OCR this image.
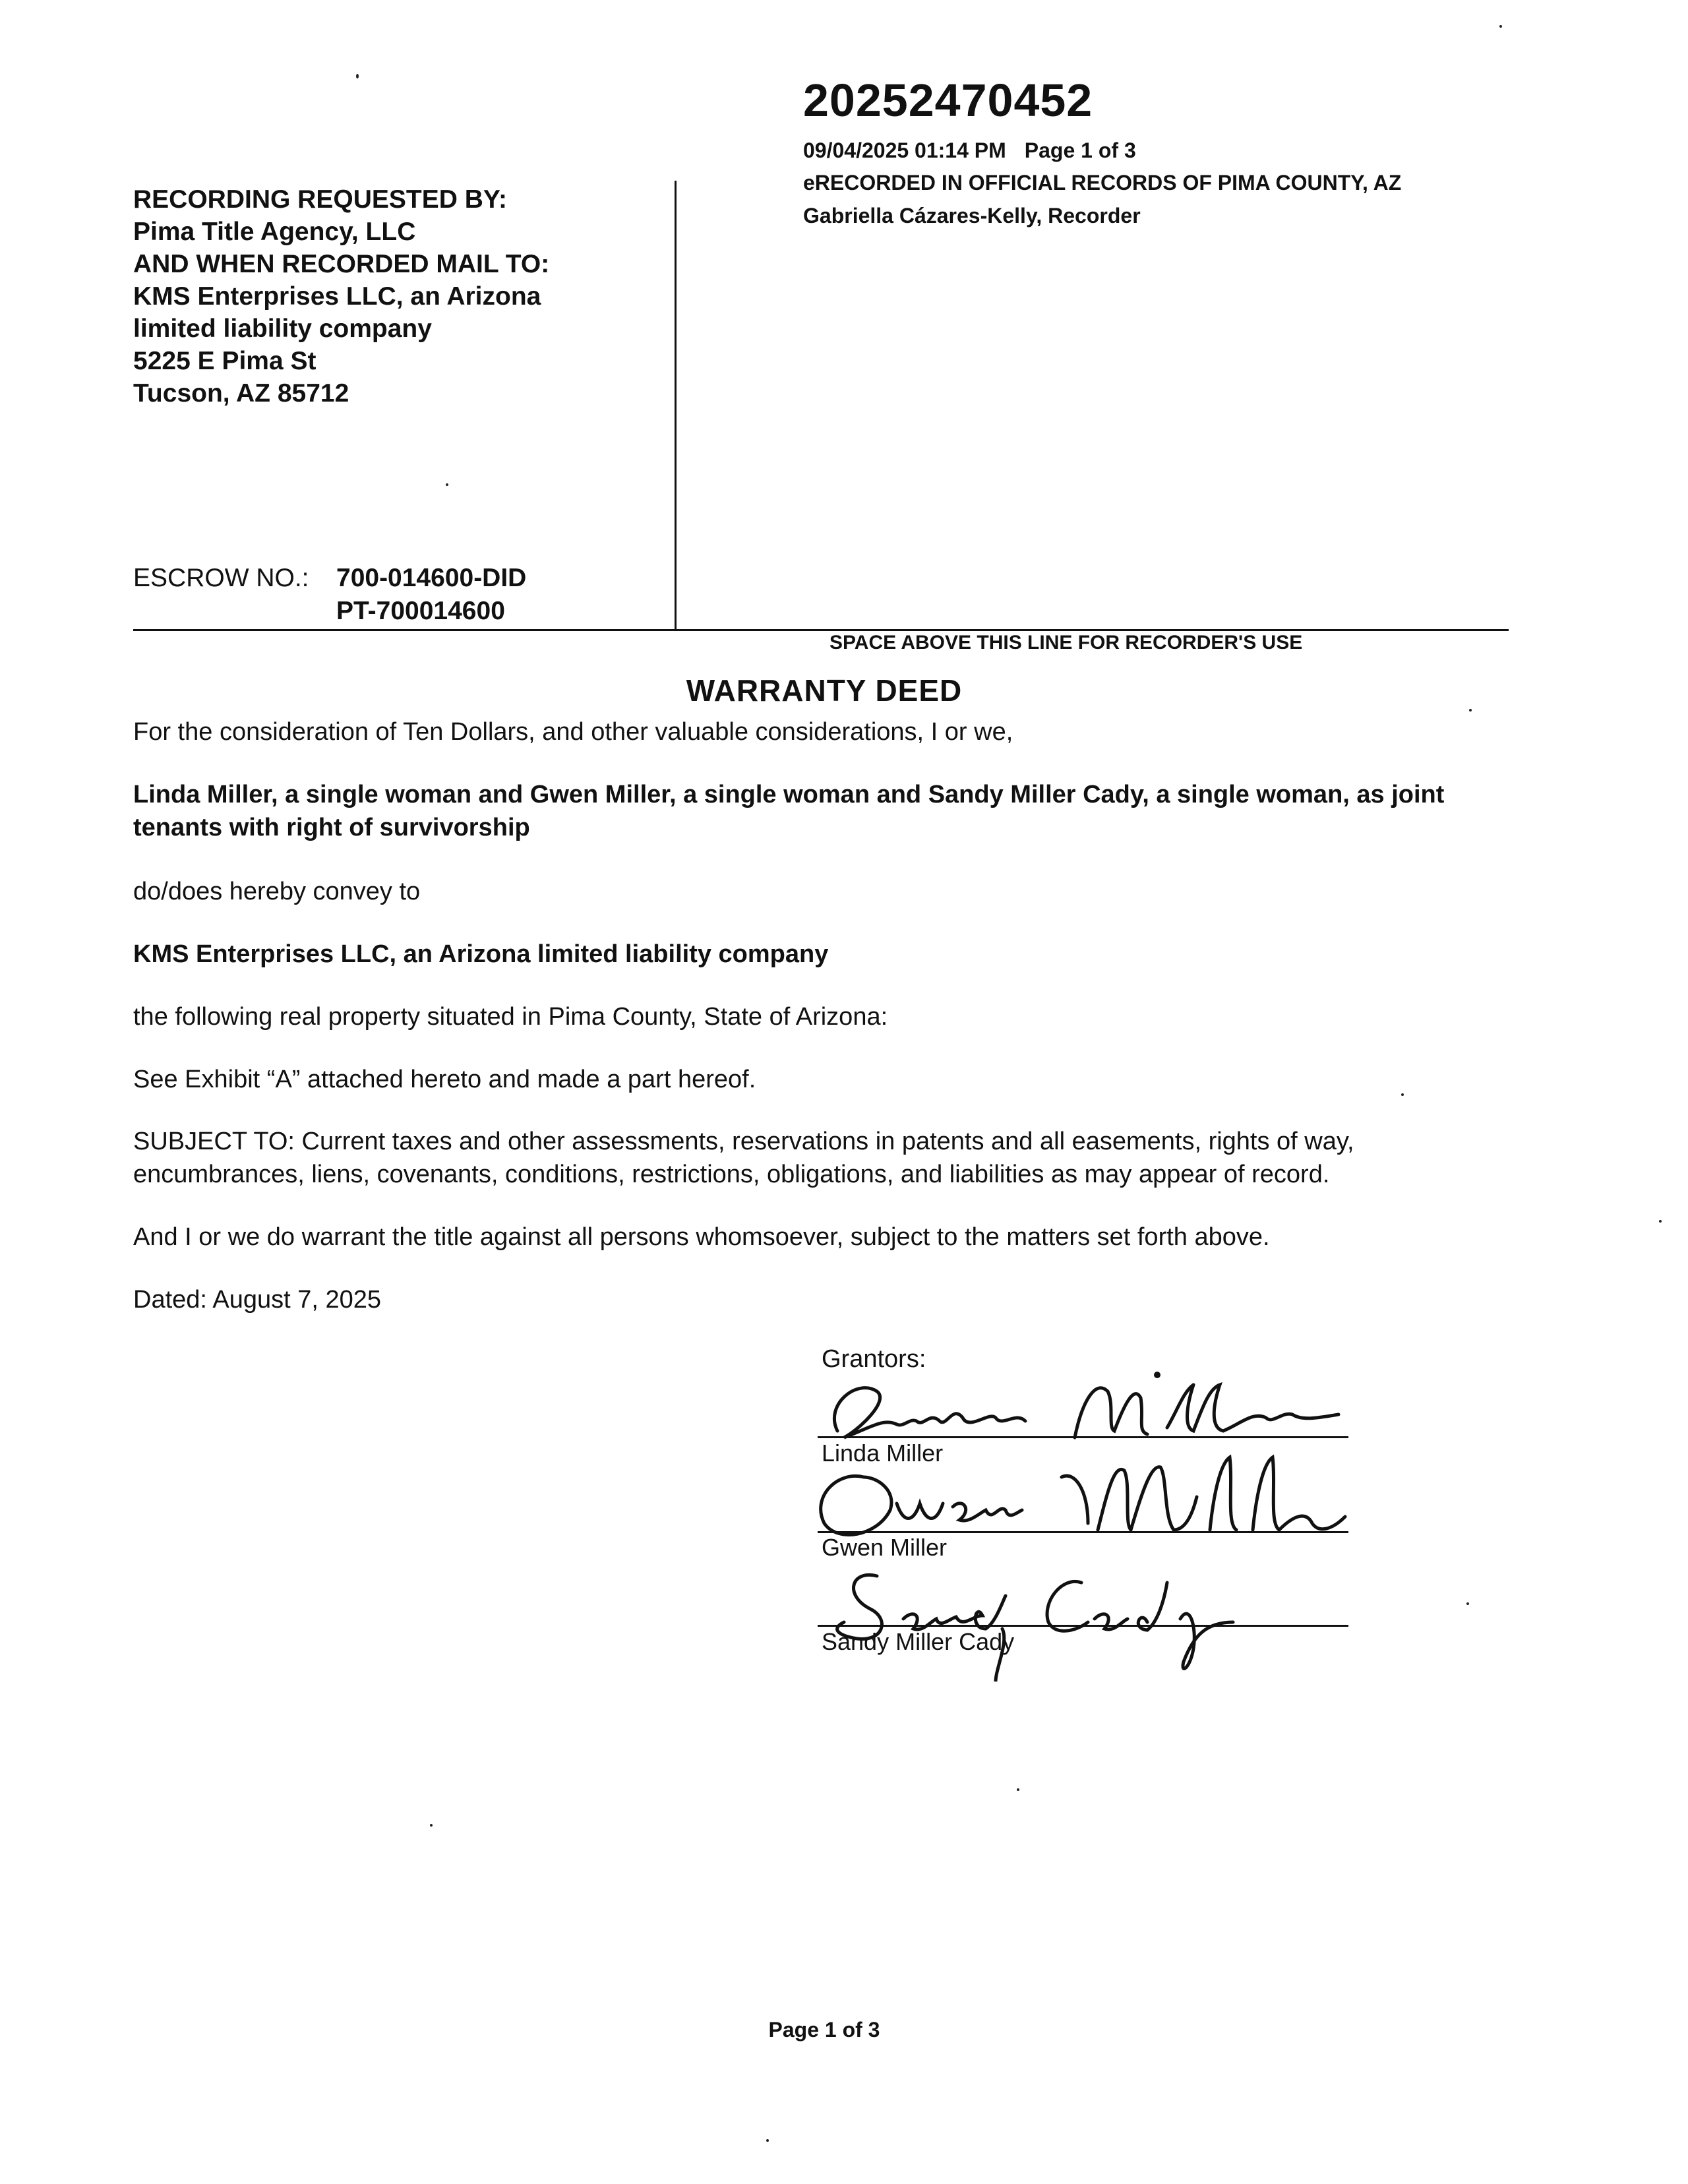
20252470452
09/04/2025 01:14 PM Page 1 of 3
eRECORDED IN OFFICIAL RECORDS OF PIMA COUNTY, AZ
Gabriella Cázares-Kelly, Recorder
RECORDING REQUESTED BY:
Pima Title Agency, LLC
AND WHEN RECORDED MAIL TO:
KMS Enterprises LLC, an Arizona
limited liability company
5225 E Pima St
Tucson, AZ 85712
ESCROW NO.: 700-014600-DID
PT-700014600
SPACE ABOVE THIS LINE FOR RECORDER'S USE
WARRANTY DEED
For the consideration of Ten Dollars, and other valuable considerations, I or we,
Linda Miller, a single woman and Gwen Miller, a single woman and Sandy Miller Cady, a single woman, as joint tenants with right of survivorship
do/does hereby convey to
KMS Enterprises LLC, an Arizona limited liability company
the following real property situated in Pima County, State of Arizona:
See Exhibit “A” attached hereto and made a part hereof.
SUBJECT TO: Current taxes and other assessments, reservations in patents and all easements, rights of way, encumbrances, liens, covenants, conditions, restrictions, obligations, and liabilities as may appear of record.
And I or we do warrant the title against all persons whomsoever, subject to the matters set forth above.
Dated: August 7, 2025
Grantors:
Linda Miller
Gwen Miller
Sandy Miller Cady
Page 1 of 3
